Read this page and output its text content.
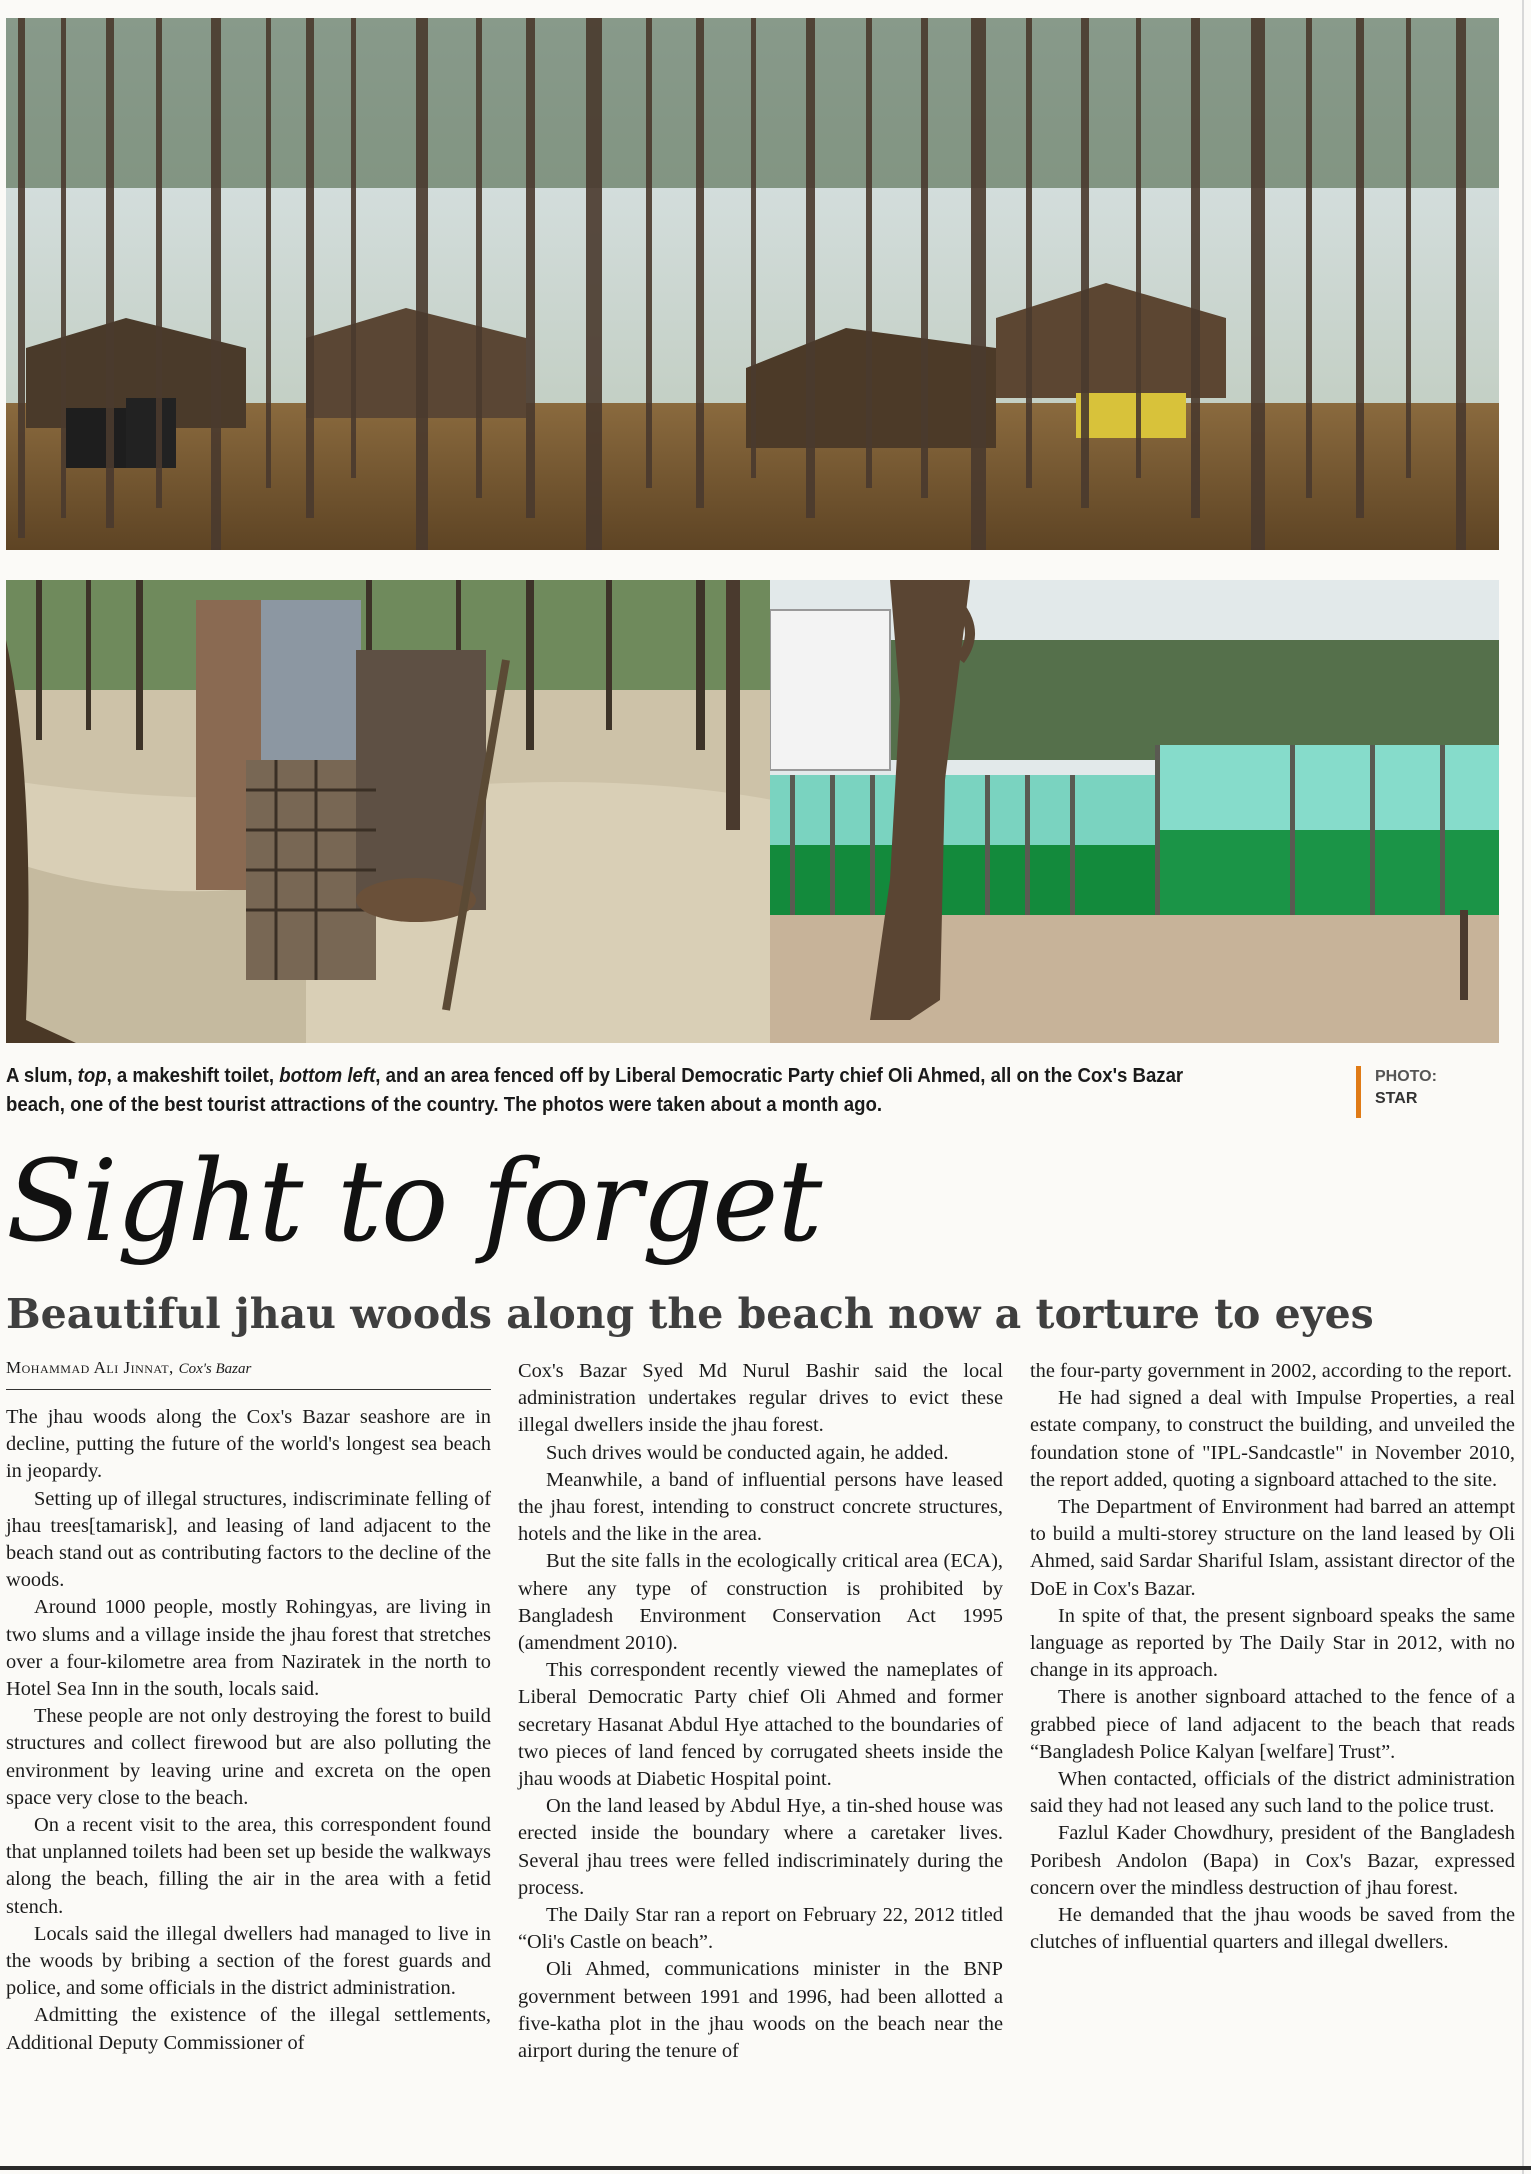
A slum, top, a makeshift toilet, bottom left, and an area fenced off by Liberal Democratic Party chief Oli Ahmed, all on the Cox's Bazar beach, one of the best tourist attractions of the country. The photos were taken about a month ago.
PHOTO:
STAR
Sight to forget
Beautiful jhau woods along the beach now a torture to eyes
Mohammad Ali Jinnat, Cox's Bazar

The jhau woods along the Cox's Bazar seashore are in decline, putting the future of the world's longest sea beach in jeopardy.

Setting up of illegal structures, indiscriminate felling of jhau trees[tamarisk], and leasing of land adjacent to the beach stand out as contributing factors to the decline of the woods.

Around 1000 people, mostly Rohingyas, are living in two slums and a village inside the jhau forest that stretches over a four-kilometre area from Naziratek in the north to Hotel Sea Inn in the south, locals said.

These people are not only destroying the forest to build structures and collect firewood but are also polluting the environment by leaving urine and excreta on the open space very close to the beach.

On a recent visit to the area, this correspondent found that unplanned toilets had been set up beside the walkways along the beach, filling the air in the area with a fetid stench.

Locals said the illegal dwellers had managed to live in the woods by bribing a section of the forest guards and police, and some officials in the district administration.

Admitting the existence of the illegal settlements, Additional Deputy Commissioner of

Cox's Bazar Syed Md Nurul Bashir said the local administration undertakes regular drives to evict these illegal dwellers inside the jhau forest.

Such drives would be conducted again, he added.

Meanwhile, a band of influential persons have leased the jhau forest, intending to construct concrete structures, hotels and the like in the area.

But the site falls in the ecologically critical area (ECA), where any type of construction is prohibited by Bangladesh Environment Conservation Act 1995 (amendment 2010).

This correspondent recently viewed the nameplates of Liberal Democratic Party chief Oli Ahmed and former secretary Hasanat Abdul Hye attached to the boundaries of two pieces of land fenced by corrugated sheets inside the jhau woods at Diabetic Hospital point.

On the land leased by Abdul Hye, a tin-shed house was erected inside the boundary where a caretaker lives. Several jhau trees were felled indiscriminately during the process.

The Daily Star ran a report on February 22, 2012 titled “Oli's Castle on beach”.

Oli Ahmed, communications minister in the BNP government between 1991 and 1996, had been allotted a five-katha plot in the jhau woods on the beach near the airport during the tenure of

the four-party government in 2002, according to the report.

He had signed a deal with Impulse Properties, a real estate company, to construct the building, and unveiled the foundation stone of "IPL-Sandcastle" in November 2010, the report added, quoting a signboard attached to the site.

The Department of Environment had barred an attempt to build a multi-storey structure on the land leased by Oli Ahmed, said Sardar Shariful Islam, assistant director of the DoE in Cox's Bazar.

In spite of that, the present signboard speaks the same language as reported by The Daily Star in 2012, with no change in its approach.

There is another signboard attached to the fence of a grabbed piece of land adjacent to the beach that reads “Bangladesh Police Kalyan [welfare] Trust”.

When contacted, officials of the district administration said they had not leased any such land to the police trust.

Fazlul Kader Chowdhury, president of the Bangladesh Poribesh Andolon (Bapa) in Cox's Bazar, expressed concern over the mindless destruction of jhau forest.

He demanded that the jhau woods be saved from the clutches of influential quarters and illegal dwellers.
